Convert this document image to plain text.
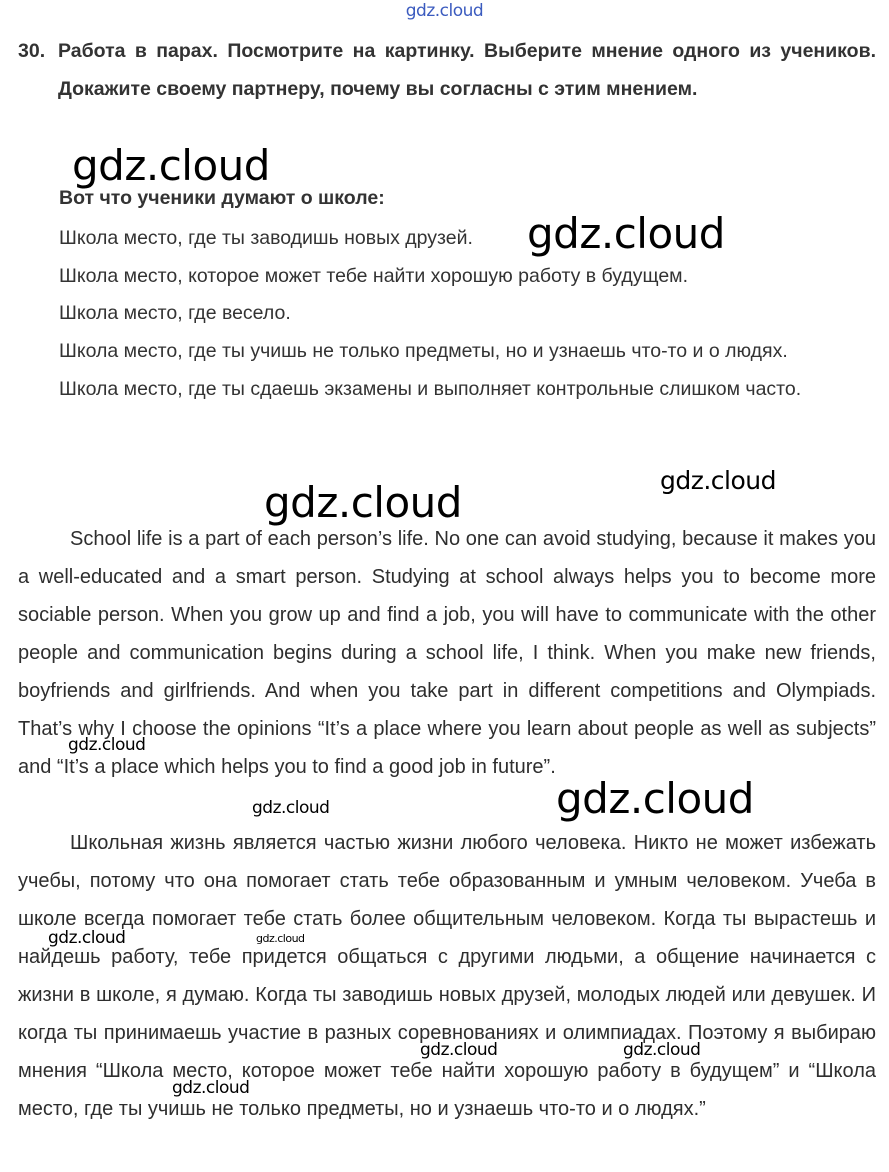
gdz.cloud
30. Работа в парах. Посмотрите на картинку. Выберите мнение одного из учеников. Докажите своему партнеру, почему вы согласны с этим мнением.
Вот что ученики думают о школе:
Школа место, где ты заводишь новых друзей.
Школа место, которое может тебе найти хорошую работу в будущем.
Школа место, где весело.
Школа место, где ты учишь не только предметы, но и узнаешь что-то и о людях.
Школа место, где ты сдаешь экзамены и выполняет контрольные слишком часто.
School life is a part of each person’s life. No one can avoid studying, because it makes you a well-educated and a smart person. Studying at school always helps you to become more sociable person. When you grow up and find a job, you will have to communicate with the other people and communication begins during a school life, I think. When you make new friends, boyfriends and girlfriends. And when you take part in different competitions and Olympiads. That’s why I choose the opinions “It’s a place where you learn about people as well as subjects” and “It’s a place which helps you to find a good job in future”.
Школьная жизнь является частью жизни любого человека. Никто не может избежать учебы, потому что она помогает стать тебе образованным и умным человеком. Учеба в школе всегда помогает тебе стать более общительным человеком. Когда ты вырастешь и найдешь работу, тебе придется общаться с другими людьми, а общение начинается с жизни в школе, я думаю. Когда ты заводишь новых друзей, молодых людей или девушек. И когда ты принимаешь участие в разных соревнованиях и олимпиадах. Поэтому я выбираю мнения “Школа место, которое может тебе найти хорошую работу в будущем” и “Школа место, где ты учишь не только предметы, но и узнаешь что-то и о людях.”
gdz.cloud
gdz.cloud
gdz.cloud	gdz.cloud
gdz.cloud
gdz.cloud
gdz.cloud
gdz.cloud	gdz.cloud
gdz.cloud	gdz.cloud
gdz.cloud
